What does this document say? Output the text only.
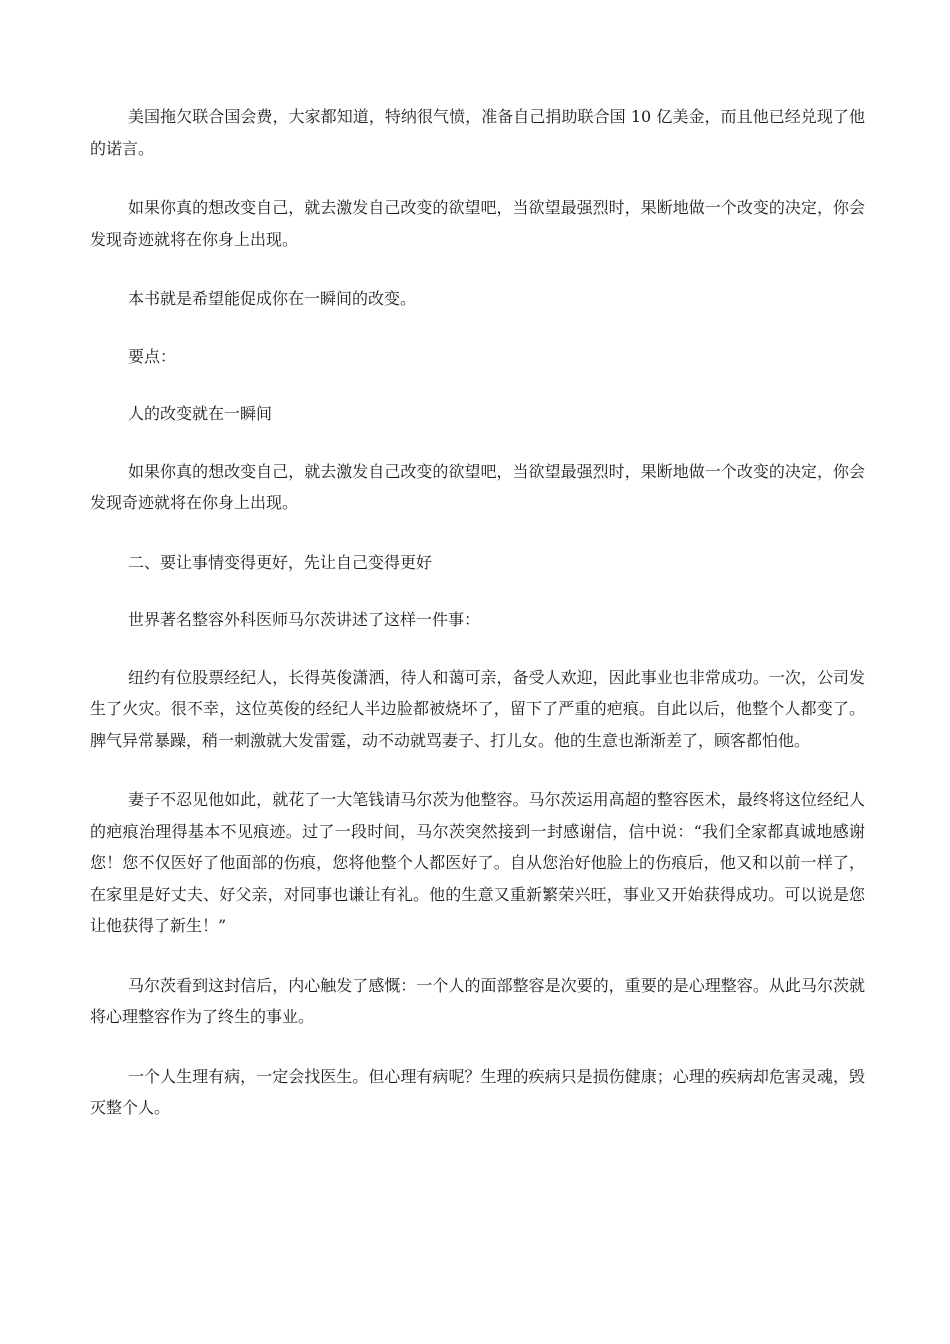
美国拖欠联合国会费，大家都知道，特纳很气愤，准备自己捐助联合国 10 亿美金，而且他已经兑现了他的诺言。

如果你真的想改变自己，就去激发自己改变的欲望吧，当欲望最强烈时，果断地做一个改变的决定，你会发现奇迹就将在你身上出现。

本书就是希望能促成你在一瞬间的改变。

要点：

人的改变就在一瞬间

如果你真的想改变自己，就去激发自己改变的欲望吧，当欲望最强烈时，果断地做一个改变的决定，你会发现奇迹就将在你身上出现。

二、要让事情变得更好，先让自己变得更好

世界著名整容外科医师马尔茨讲述了这样一件事：

纽约有位股票经纪人，长得英俊潇洒，待人和蔼可亲，备受人欢迎，因此事业也非常成功。一次，公司发生了火灾。很不幸，这位英俊的经纪人半边脸都被烧坏了，留下了严重的疤痕。自此以后，他整个人都变了。脾气异常暴躁，稍一刺激就大发雷霆，动不动就骂妻子、打儿女。他的生意也渐渐差了，顾客都怕他。

妻子不忍见他如此，就花了一大笔钱请马尔茨为他整容。马尔茨运用高超的整容医术，最终将这位经纪人的疤痕治理得基本不见痕迹。过了一段时间，马尔茨突然接到一封感谢信，信中说：“我们全家都真诚地感谢您！您不仅医好了他面部的伤痕，您将他整个人都医好了。自从您治好他脸上的伤痕后，他又和以前一样了，在家里是好丈夫、好父亲，对同事也谦让有礼。他的生意又重新繁荣兴旺，事业又开始获得成功。可以说是您让他获得了新生！”

马尔茨看到这封信后，内心触发了感慨：一个人的面部整容是次要的，重要的是心理整容。从此马尔茨就将心理整容作为了终生的事业。

一个人生理有病，一定会找医生。但心理有病呢？生理的疾病只是损伤健康；心理的疾病却危害灵魂，毁灭整个人。
